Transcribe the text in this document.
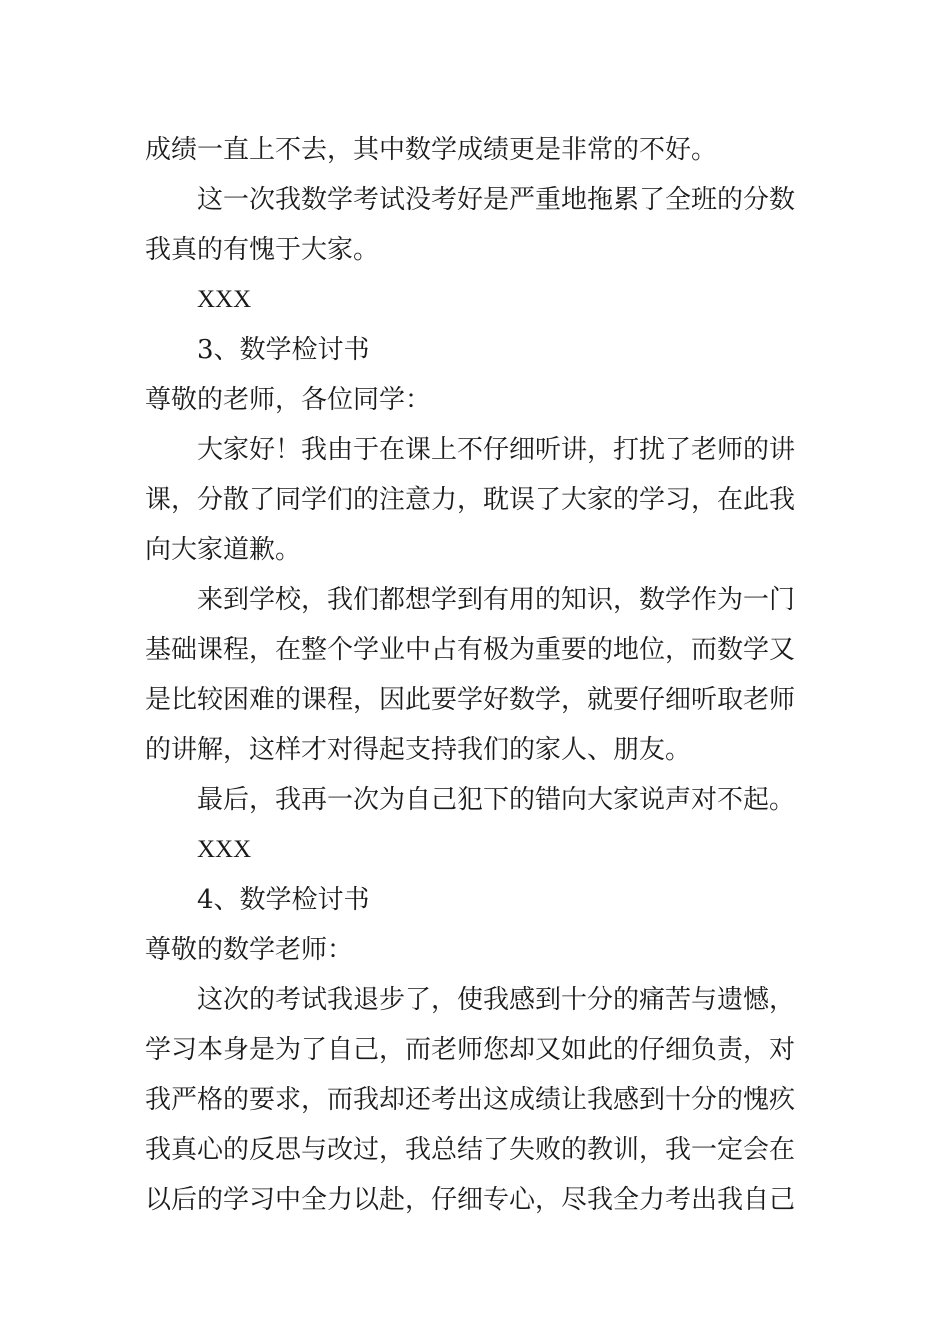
成绩一直上不去，其中数学成绩更是非常的不好。
这一次我数学考试没考好是严重地拖累了全班的分数
我真的有愧于大家。
XXX
3、数学检讨书
尊敬的老师，各位同学：
大家好！我由于在课上不仔细听讲，打扰了老师的讲
课，分散了同学们的注意力，耽误了大家的学习，在此我
向大家道歉。
来到学校，我们都想学到有用的知识，数学作为一门
基础课程，在整个学业中占有极为重要的地位，而数学又
是比较困难的课程，因此要学好数学，就要仔细听取老师
的讲解，这样才对得起支持我们的家人、朋友。
最后，我再一次为自己犯下的错向大家说声对不起。
XXX
4、数学检讨书
尊敬的数学老师：
这次的考试我退步了，使我感到十分的痛苦与遗憾，
学习本身是为了自己，而老师您却又如此的仔细负责，对
我严格的要求，而我却还考出这成绩让我感到十分的愧疚
我真心的反思与改过，我总结了失败的教训，我一定会在
以后的学习中全力以赴，仔细专心，尽我全力考出我自己
